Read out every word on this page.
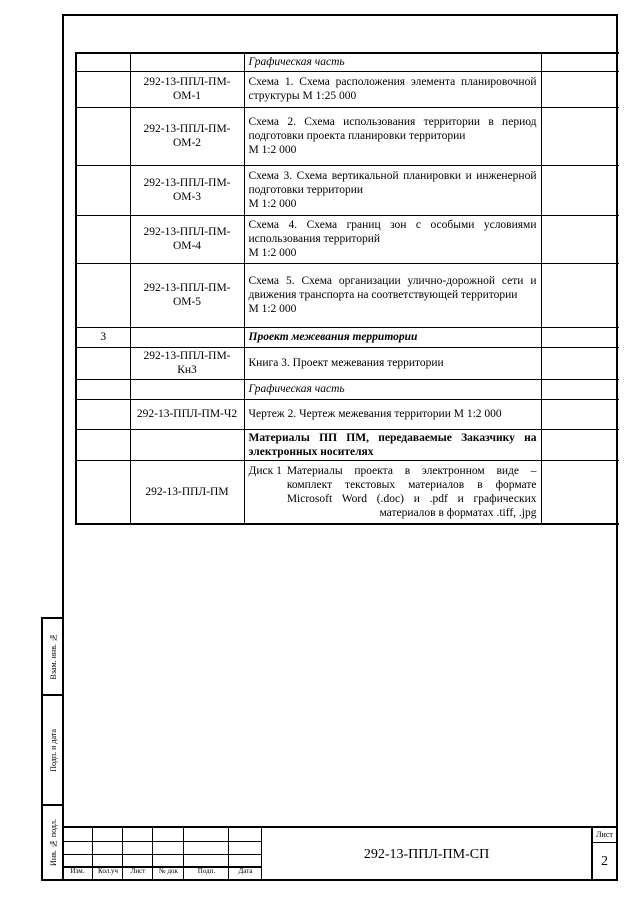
Взам. инв. №
Подп. и дата
Инв. № подл.

		Графическая часть	

	292-13-ППЛ-ПМ-ОМ-1	Схема 1. Схема расположения элемента планировочной структуры М 1:25 000	

	292-13-ППЛ-ПМ-ОМ-2	Схема 2. Схема использования территории в период подготовки проекта планировки территории
М 1:2 000	

	292-13-ППЛ-ПМ-ОМ-3	Схема 3. Схема вертикальной планировки и инженерной подготовки территории
М 1:2 000	

	292-13-ППЛ-ПМ-ОМ-4	Схема 4. Схема границ зон с особыми условиями использования территорий
М 1:2 000	

	292-13-ППЛ-ПМ-ОМ-5	Схема 5. Схема организации улично-дорожной сети и движения транспорта на соответствующей территории
М 1:2 000	

3		Проект межевания территории	

	292-13-ППЛ-ПМ-Кн3	Книга 3. Проект межевания территории	

		Графическая часть	

	292-13-ППЛ-ПМ-Ч2	Чертеж 2. Чертеж межевания территории М 1:2 000	

		Материалы ПП ПМ, передаваемые Заказчику на электронных носителях	

	292-13-ППЛ-ПМ	Диск 1 Материалы проекта в электронном виде – комплект текстовых материалов в формате Microsoft Word (.doc) и .pdf и графических материалов в форматах .tiff, .jpg	

Изм.	Кол.уч	Лист	№ док	Подп.	Дата
292-13-ППЛ-ПМ-СП
Лист
2
